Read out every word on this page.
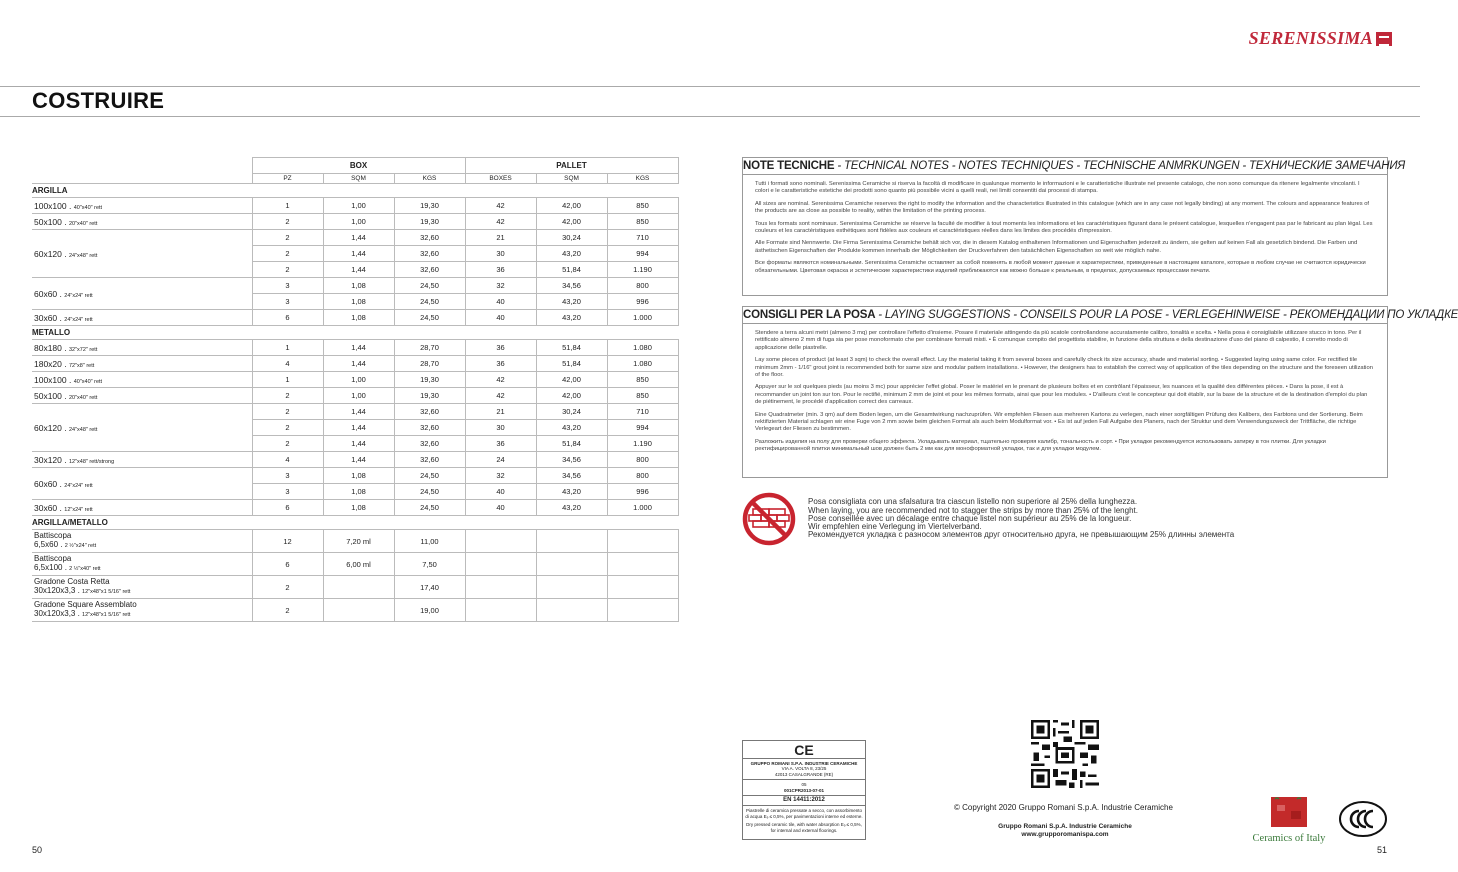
SERENISSIMA
COSTRUIRE
	BOX			PALLET		
	PZ	SQM	KGS	BOXES	SQM	KGS
ARGILLA						
100x100 . 40"x40" rett	1	1,00	19,30	42	42,00	850
50x100 . 20"x40" rett	2	1,00	19,30	42	42,00	850
60x120 . 24"x48" rett	2	1,44	32,60	21	30,24	710
	2	1,44	32,60	30	43,20	994
	2	1,44	32,60	36	51,84	1.190
60x60 . 24"x24" rett	3	1,08	24,50	32	34,56	800
	3	1,08	24,50	40	43,20	996
30x60 . 24"x24" rett	6	1,08	24,50	40	43,20	1.000
METALLO						
80x180 . 32"x72" rett	1	1,44	28,70	36	51,84	1.080
180x20 . 72"x8" rett	4	1,44	28,70	36	51,84	1.080
100x100 . 40"x40" rett	1	1,00	19,30	42	42,00	850
50x100 . 20"x40" rett	2	1,00	19,30	42	42,00	850
60x120 . 24"x48" rett	2	1,44	32,60	21	30,24	710
	2	1,44	32,60	30	43,20	994
	2	1,44	32,60	36	51,84	1.190
30x120 . 12"x48" rett/strong	4	1,44	32,60	24	34,56	800
60x60 . 24"x24" rett	3	1,08	24,50	32	34,56	800
	3	1,08	24,50	40	43,20	996
30x60 . 12"x24" rett	6	1,08	24,50	40	43,20	1.000
ARGILLA/METALLO						
Battiscopa
6,5x60 . 2 ½"x24" rett	12	7,20 ml	11,00			
Battiscopa
6,5x100 . 2 ½"x40" rett	6	6,00 ml	7,50			
Gradone Costa Retta
30x120x3,3 . 12"x48"x1 5/16" rett	2		17,40			
Gradone Square Assemblato
30x120x3,3 . 12"x48"x1 5/16" rett	2		19,00			
NOTE TECNICHE - TECHNICAL NOTES - NOTES TECHNIQUES - TECHNISCHE ANMRKUNGEN - ТЕХНИЧЕСКИЕ ЗАМЕЧАНИЯ

Tutti i formati sono nominali. Serenissima Ceramiche si riserva la facoltà di modificare in qualunque momento le informazioni e le caratteristiche illustrate nel presente catalogo, che non sono comunque da ritenere legalmente vincolanti. I colori e le caratteristiche estetiche dei prodotti sono quanto più possibile vicini a quelli reali, nei limiti consentiti dai processi di stampa.

All sizes are nominal. Serenissima Ceramiche reserves the right to modify the information and the characteristics illustrated in this catalogue (which are in any case not legally binding) at any moment. The colours and appearance features of the products are as close as possible to reality, within the limitation of the printing process.

Tous les formats sont nominaux. Serenissima Ceramiche se réserve la faculté de modifier à tout moments les informations et les caractéristiques figurant dans le présent catalogue, lesquelles n'engagent pas par le fabricant au plan légal. Les couleurs et les caractéristiques esthétiques sont fidèles aux couleurs et caractéristiques réelles dans les limites des procédés d'impression.

Alle Formate sind Nennwerte. Die Firma Serenissima Ceramiche behält sich vor, die in diesem Katalog enthaltenen Informationen und Eigenschaften jederzeit zu ändern, sie gelten auf keinen Fall als gesetzlich bindend. Die Farben und ästhetischen Eigenschaften der Produkte kommen innerhalb der Möglichkeiten der Druckverfahren den tatsächlichen Eigenschaften so weit wie möglich nahe.

Все форматы являются номинальными. Serenissima Ceramiche оставляет за собой поменять в любой момент данные и характеристики, приведенные в настоящем каталоге, которые в любом случае не считаются юридически обязательными. Цветовая окраска и эстетические характеристики изделий приближаются как можно больше к реальным, в пределах, допускаемых процессами печати.

CONSIGLI PER LA POSA - LAYING SUGGESTIONS - CONSEILS POUR LA POSE - VERLEGEHINWEISE - РЕКОМЕНДАЦИИ ПО УКЛАДКЕ

Stendere a terra alcuni metri (almeno 3 mq) per controllare l'effetto d'insieme. Posare il materiale attingendo da più scatole controllandone accuratamente calibro, tonalità e scelta. • Nella posa è consigliabile utilizzare stucco in tono. Per il rettificato almeno 2 mm di fuga sia per pose monoformato che per combinare formati misti. • È comunque compito del progettista stabilire, in funzione della struttura e della destinazione d'uso del piano di calpestio, il corretto modo di applicazione delle piastrelle.

Lay some pieces of product (at least 3 sqm) to check the overall effect. Lay the material taking it from several boxes and carefully check its size accuracy, shade and material sorting. • Suggested laying using same color. For rectified tile minimum 2mm - 1/16" grout joint is recommended both for same size and modular pattern installations. • However, the designers has to establish the correct way of application of the tiles depending on the structure and the foreseen utilization of the floor.

Appuyer sur le sol quelques pieds (au moins 3 mc) pour apprécier l'effet global. Poser le matériel en le prenant de plusieurs boîtes et en contrôlant l'épaisseur, les nuances et la qualité des différentes pièces. • Dans la pose, il est à recommander un joint ton sur ton. Pour le rectifié, minimum 2 mm de joint et pour les mêmes formats, ainsi que pour les modules. • D'ailleurs c'est le concepteur qui doit établir, sur la base de la structure et de la destination d'emploi du plan de piétinement, le procédé d'application correct des carreaux.

Eine Quadratmeter (min. 3 qm) auf dem Boden legen, um die Gesamtwirkung nachzuprüfen. Wir empfehlen Fliesen aus mehreren Kartons zu verlegen, nach einer sorgfältigen Prüfung des Kalibers, des Farbtons und der Sortierung. Beim rektifizierten Material schlagen wir eine Fuge von 2 mm sowie beim gleichen Format als auch beim Modulformat vor. • Es ist auf jeden Fall Aufgabe des Planers, nach der Struktur und dem Verwendungszweck der Trittfläche, die richtige Verlegeart der Fliesen zu bestimmen.

Разложить изделия на полу для проверки общего эффекта. Укладывать материал, тщательно проверяя калибр, тональность и сорт. • При укладке рекомендуется использовать затирку в тон плитки. Для укладки ректифицированной плитки минимальный шов должен быть 2 мм как для моноформатной укладки, так и для укладки модулем.

Posa consigliata con una sfalsatura tra ciascun listello non superiore al 25% della lunghezza.
When laying, you are recommended not to stagger the strips by more than 25% of the lenght.
Pose conseillée avec un décalage entre chaque listel non supérieur au 25% de la longueur.
Wir empfehlen eine Verlegung im Viertelverband.
Рекомендуется укладка с разносом элементов друг относительно друга, не превышающим 25% длинны элемента
CE
GRUPPO ROMANI S.P.A. INDUSTRIE CERAMICHE
VIA A. VOLTA 8, 23/25
42013 CASALGRANDE (RE)
05
001CPR2013-07-01
EN 14411:2012
Piastrelle di ceramica pressate a secco, con assorbimento di acqua Eₔ ≤ 0,5%, per pavimentazioni interne ed esterne.
Dry pressed ceramic tile, with water absorption Eₔ ≤ 0,5%, for internal and external floorings.
© Copyright 2020 Gruppo Romani S.p.A. Industrie Ceramiche
Gruppo Romani S.p.A. Industrie Ceramiche
www.grupporomanispa.com	Ceramics of Italy
50	51
